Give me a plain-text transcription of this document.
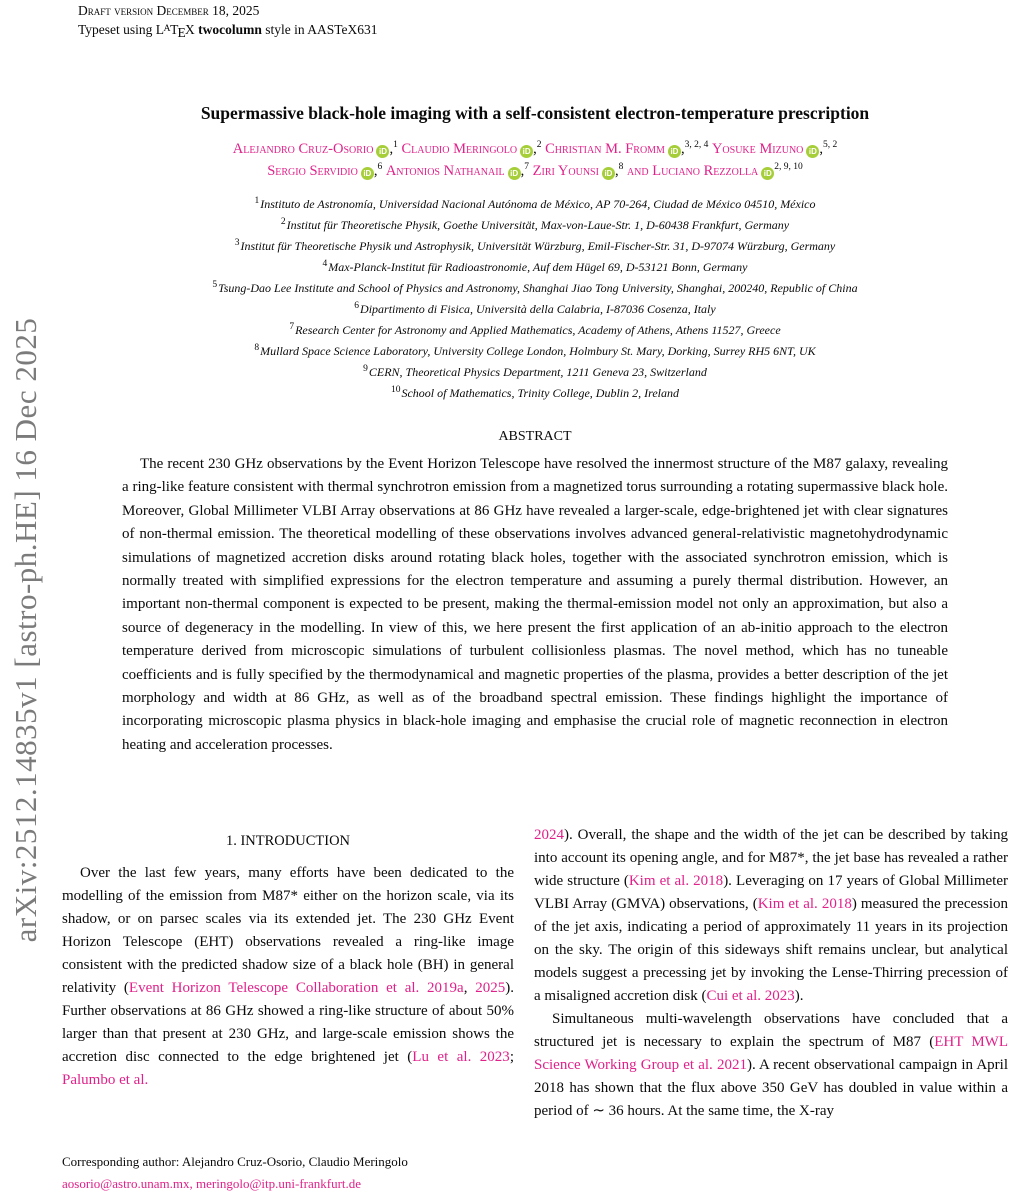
arXiv:2512.14835v1 [astro-ph.HE] 16 Dec 2025
Draft version December 18, 2025
Typeset using $L^ATEX$ twocolumn style in AASTeX631
Supermassive black-hole imaging with a self-consistent electron-temperature prescription
Alejandro Cruz-Osorio iD ,$^1$ Claudio Meringolo iD ,$^2$ Christian M. Fromm iD ,$^{3, 2, 4}$ Yosuke Mizuno iD ,$^{5, 2}$
Sergio Servidio iD ,$^6$ Antonios Nathanail iD ,$^7$ Ziri Younsi iD ,$^8$ and Luciano Rezzolla iD$^{2, 9, 10}$
$^1$Instituto de Astronomía, Universidad Nacional Autónoma de México, AP 70-264, Ciudad de México 04510, México
$^2$Institut für Theoretische Physik, Goethe Universität, Max-von-Laue-Str. 1, D-60438 Frankfurt, Germany
$^3$Institut für Theoretische Physik und Astrophysik, Universität Würzburg, Emil-Fischer-Str. 31, D-97074 Würzburg, Germany
$^4$Max-Planck-Institut für Radioastronomie, Auf dem Hügel 69, D-53121 Bonn, Germany
$^5$Tsung-Dao Lee Institute and School of Physics and Astronomy, Shanghai Jiao Tong University, Shanghai, 200240, Republic of China
$^6$Dipartimento di Fisica, Università della Calabria, I-87036 Cosenza, Italy
$^7$Research Center for Astronomy and Applied Mathematics, Academy of Athens, Athens 11527, Greece
$^8$Mullard Space Science Laboratory, University College London, Holmbury St. Mary, Dorking, Surrey RH5 6NT, UK
$^9$CERN, Theoretical Physics Department, 1211 Geneva 23, Switzerland
$^{10}$School of Mathematics, Trinity College, Dublin 2, Ireland
ABSTRACT

The recent 230 GHz observations by the Event Horizon Telescope have resolved the innermost structure of the M87 galaxy, revealing a ring-like feature consistent with thermal synchrotron emission from a magnetized torus surrounding a rotating supermassive black hole. Moreover, Global Millimeter VLBI Array observations at 86 GHz have revealed a larger-scale, edge-brightened jet with clear signatures of non-thermal emission. The theoretical modelling of these observations involves advanced general-relativistic magnetohydrodynamic simulations of magnetized accretion disks around rotating black holes, together with the associated synchrotron emission, which is normally treated with simplified expressions for the electron temperature and assuming a purely thermal distribution. However, an important non-thermal component is expected to be present, making the thermal-emission model not only an approximation, but also a source of degeneracy in the modelling. In view of this, we here present the first application of an ab-initio approach to the electron temperature derived from microscopic simulations of turbulent collisionless plasmas. The novel method, which has no tuneable coefficients and is fully specified by the thermodynamical and magnetic properties of the plasma, provides a better description of the jet morphology and width at 86 GHz, as well as of the broadband spectral emission. These findings highlight the importance of incorporating microscopic plasma physics in black-hole imaging and emphasise the crucial role of magnetic reconnection in electron heating and acceleration processes.

1. INTRODUCTION

Over the last few years, many efforts have been dedicated to the modelling of the emission from M87* either on the horizon scale, via its shadow, or on parsec scales via its extended jet. The 230 GHz Event Horizon Telescope (EHT) observations revealed a ring-like image consistent with the predicted shadow size of a black hole (BH) in general relativity (Event Horizon Telescope Collaboration et al. 2019a, 2025). Further observations at 86 GHz showed a ring-like structure of about 50% larger than that present at 230 GHz, and large-scale emission shows the accretion disc connected to the edge brightened jet (Lu et al. 2023; Palumbo et al.

2024). Overall, the shape and the width of the jet can be described by taking into account its opening angle, and for M87*, the jet base has revealed a rather wide structure (Kim et al. 2018). Leveraging on 17 years of Global Millimeter VLBI Array (GMVA) observations, (Kim et al. 2018) measured the precession of the jet axis, indicating a period of approximately 11 years in its projection on the sky. The origin of this sideways shift remains unclear, but analytical models suggest a precessing jet by invoking the Lense-Thirring precession of a misaligned accretion disk (Cui et al. 2023).

Simultaneous multi-wavelength observations have concluded that a structured jet is necessary to explain the spectrum of M87 (EHT MWL Science Working Group et al. 2021). A recent observational campaign in April 2018 has shown that the flux above 350 GeV has doubled in value within a period of ∼ 36 hours. At the same time, the X-ray

Corresponding author: Alejandro Cruz-Osorio, Claudio Meringolo
aosorio@astro.unam.mx, meringolo@itp.uni-frankfurt.de
